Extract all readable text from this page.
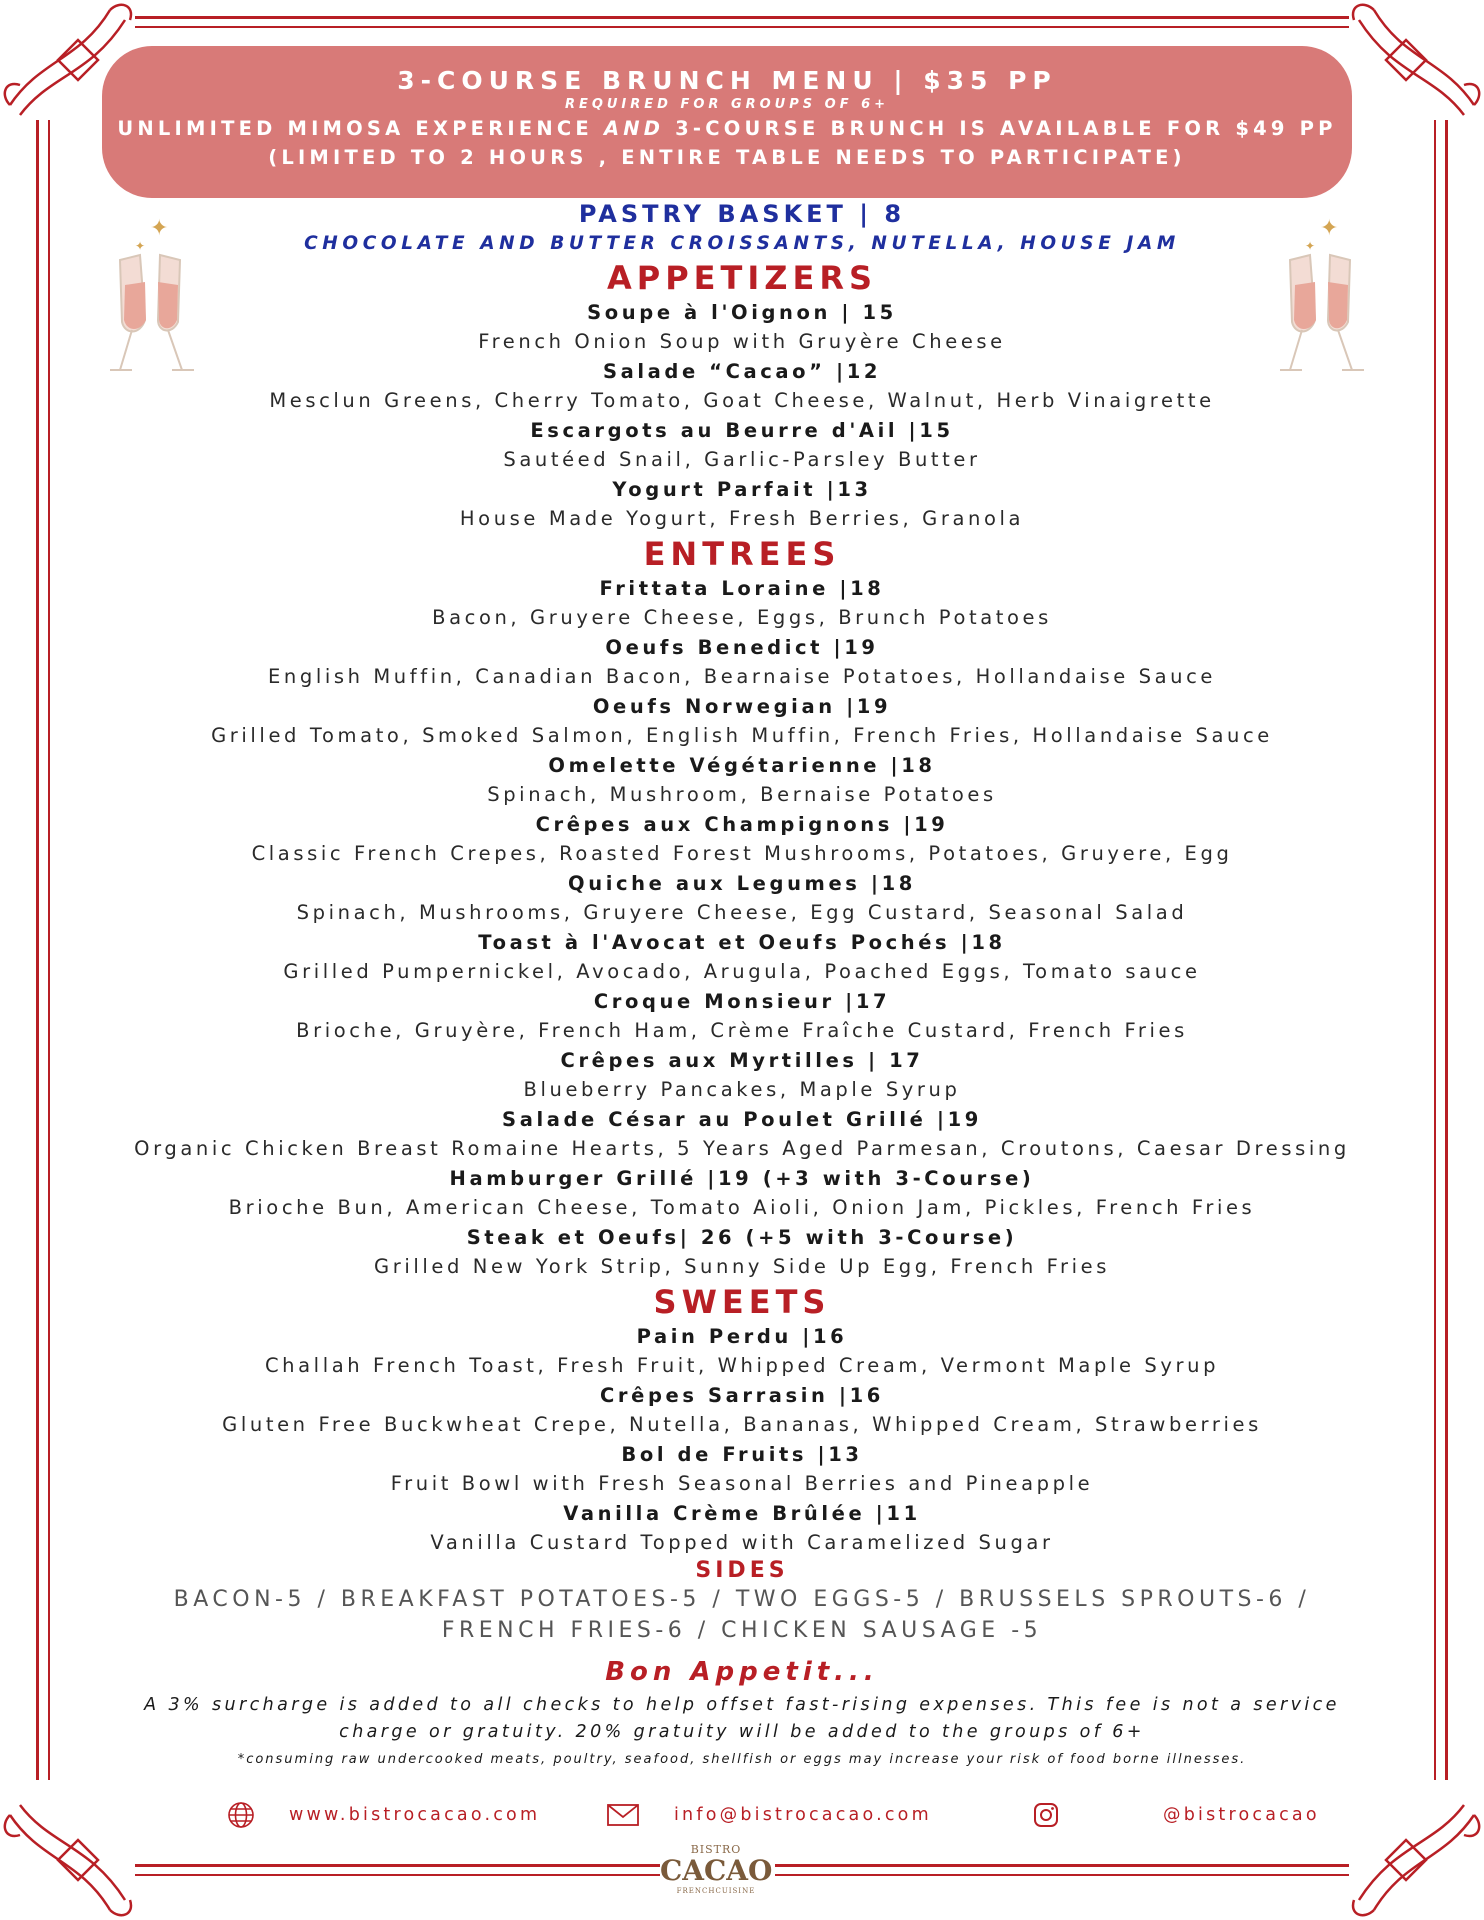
✦
✦
✦
✦
3-COURSE BRUNCH MENU | $35 PP
REQUIRED FOR GROUPS OF 6+
UNLIMITED MIMOSA EXPERIENCE AND 3-COURSE BRUNCH IS AVAILABLE FOR $49 PP
(LIMITED TO 2 HOURS , ENTIRE TABLE NEEDS TO PARTICIPATE)
PASTRY BASKET | 8
CHOCOLATE AND BUTTER CROISSANTS, NUTELLA, HOUSE JAM
APPETIZERS
Soupe à l'Oignon | 15
French Onion Soup with Gruyère Cheese
Salade “Cacao” |12
Mesclun Greens, Cherry Tomato, Goat Cheese, Walnut, Herb Vinaigrette
Escargots au Beurre d'Ail |15
Sautéed Snail, Garlic-Parsley Butter
Yogurt Parfait |13
House Made Yogurt, Fresh Berries, Granola
ENTREES
Frittata Loraine |18
Bacon, Gruyere Cheese, Eggs, Brunch Potatoes
Oeufs Benedict |19
English Muffin, Canadian Bacon, Bearnaise Potatoes, Hollandaise Sauce
Oeufs Norwegian |19
Grilled Tomato, Smoked Salmon, English Muffin, French Fries, Hollandaise Sauce
Omelette Végétarienne |18
Spinach, Mushroom, Bernaise Potatoes
Crêpes aux Champignons |19
Classic French Crepes, Roasted Forest Mushrooms, Potatoes, Gruyere, Egg
Quiche aux Legumes |18
Spinach, Mushrooms, Gruyere Cheese, Egg Custard, Seasonal Salad
Toast à l'Avocat et Oeufs Pochés |18
Grilled Pumpernickel, Avocado, Arugula, Poached Eggs, Tomato sauce
Croque Monsieur |17
Brioche, Gruyère, French Ham, Crème Fraîche Custard, French Fries
Crêpes aux Myrtilles | 17
Blueberry Pancakes, Maple Syrup
Salade César au Poulet Grillé |19
Organic Chicken Breast Romaine Hearts, 5 Years Aged Parmesan, Croutons, Caesar Dressing
Hamburger Grillé |19 (+3 with 3-Course)
Brioche Bun, American Cheese, Tomato Aioli, Onion Jam, Pickles, French Fries
Steak et Oeufs| 26 (+5 with 3-Course)
Grilled New York Strip, Sunny Side Up Egg, French Fries
SWEETS
Pain Perdu |16
Challah French Toast, Fresh Fruit, Whipped Cream, Vermont Maple Syrup
Crêpes Sarrasin |16
Gluten Free Buckwheat Crepe, Nutella, Bananas, Whipped Cream, Strawberries
Bol de Fruits |13
Fruit Bowl with Fresh Seasonal Berries and Pineapple
Vanilla Crème Brûlée |11
Vanilla Custard Topped with Caramelized Sugar
SIDES
BACON-5 / BREAKFAST POTATOES-5 / TWO EGGS-5 / BRUSSELS SPROUTS-6 /
FRENCH FRIES-6 / CHICKEN SAUSAGE -5
Bon Appetit...
A 3% surcharge is added to all checks to help offset fast-rising expenses. This fee is not a service
charge or gratuity. 20% gratuity will be added to the groups of 6+
*consuming raw undercooked meats, poultry, seafood, shellfish or eggs may increase your risk of food borne illnesses.
www.bistrocacao.com	info@bistrocacao.com	@bistrocacao
BISTRO
CACAO
FRENCHCUISINE
